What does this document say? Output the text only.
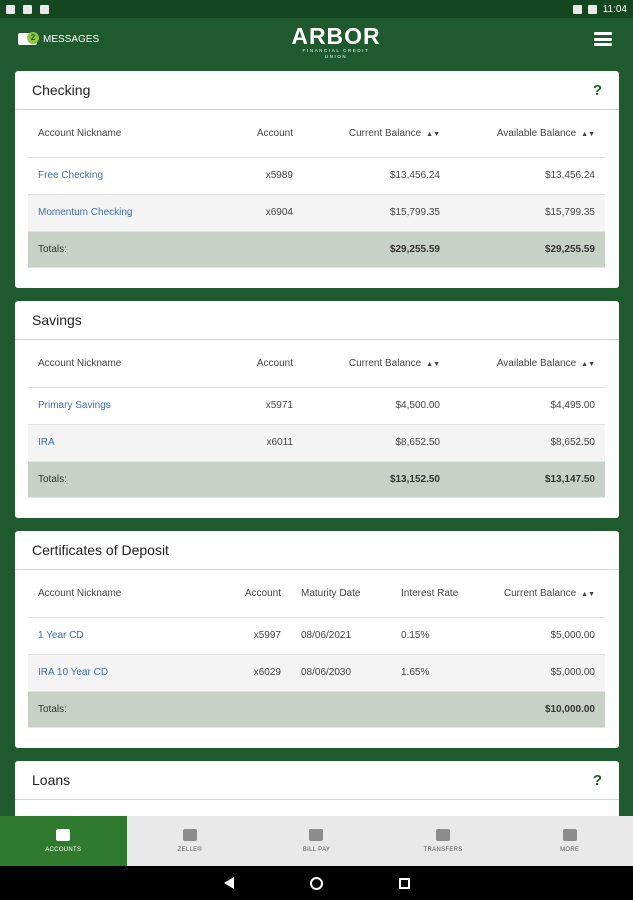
11:04
2 MESSAGES	ARBOR
FINANCIAL CREDIT UNION
Checking	?
Account Nickname	Account	Current Balance ▲▼	Available Balance ▲▼
Free Checking	x5989	$13,456.24	$13,456.24
Momentum Checking	x6904	$15,799.35	$15,799.35
Totals:		$29,255.59	$29,255.59
Savings
Account Nickname	Account	Current Balance ▲▼	Available Balance ▲▼
Primary Savings	x5971	$4,500.00	$4,495.00
IRA	x6011	$8,652.50	$8,652.50
Totals:		$13,152.50	$13,147.50
Certificates of Deposit
Account Nickname	Account	Maturity Date	Interest Rate	Current Balance ▲▼
1 Year CD	x5997	08/06/2021	0.15%	$5,000.00
IRA 10 Year CD	x6029	08/06/2030	1.65%	$5,000.00
Totals:				$10,000.00
Loans	?
ACCOUNTS	ZELLE®	BILL PAY	TRANSFERS	MORE
